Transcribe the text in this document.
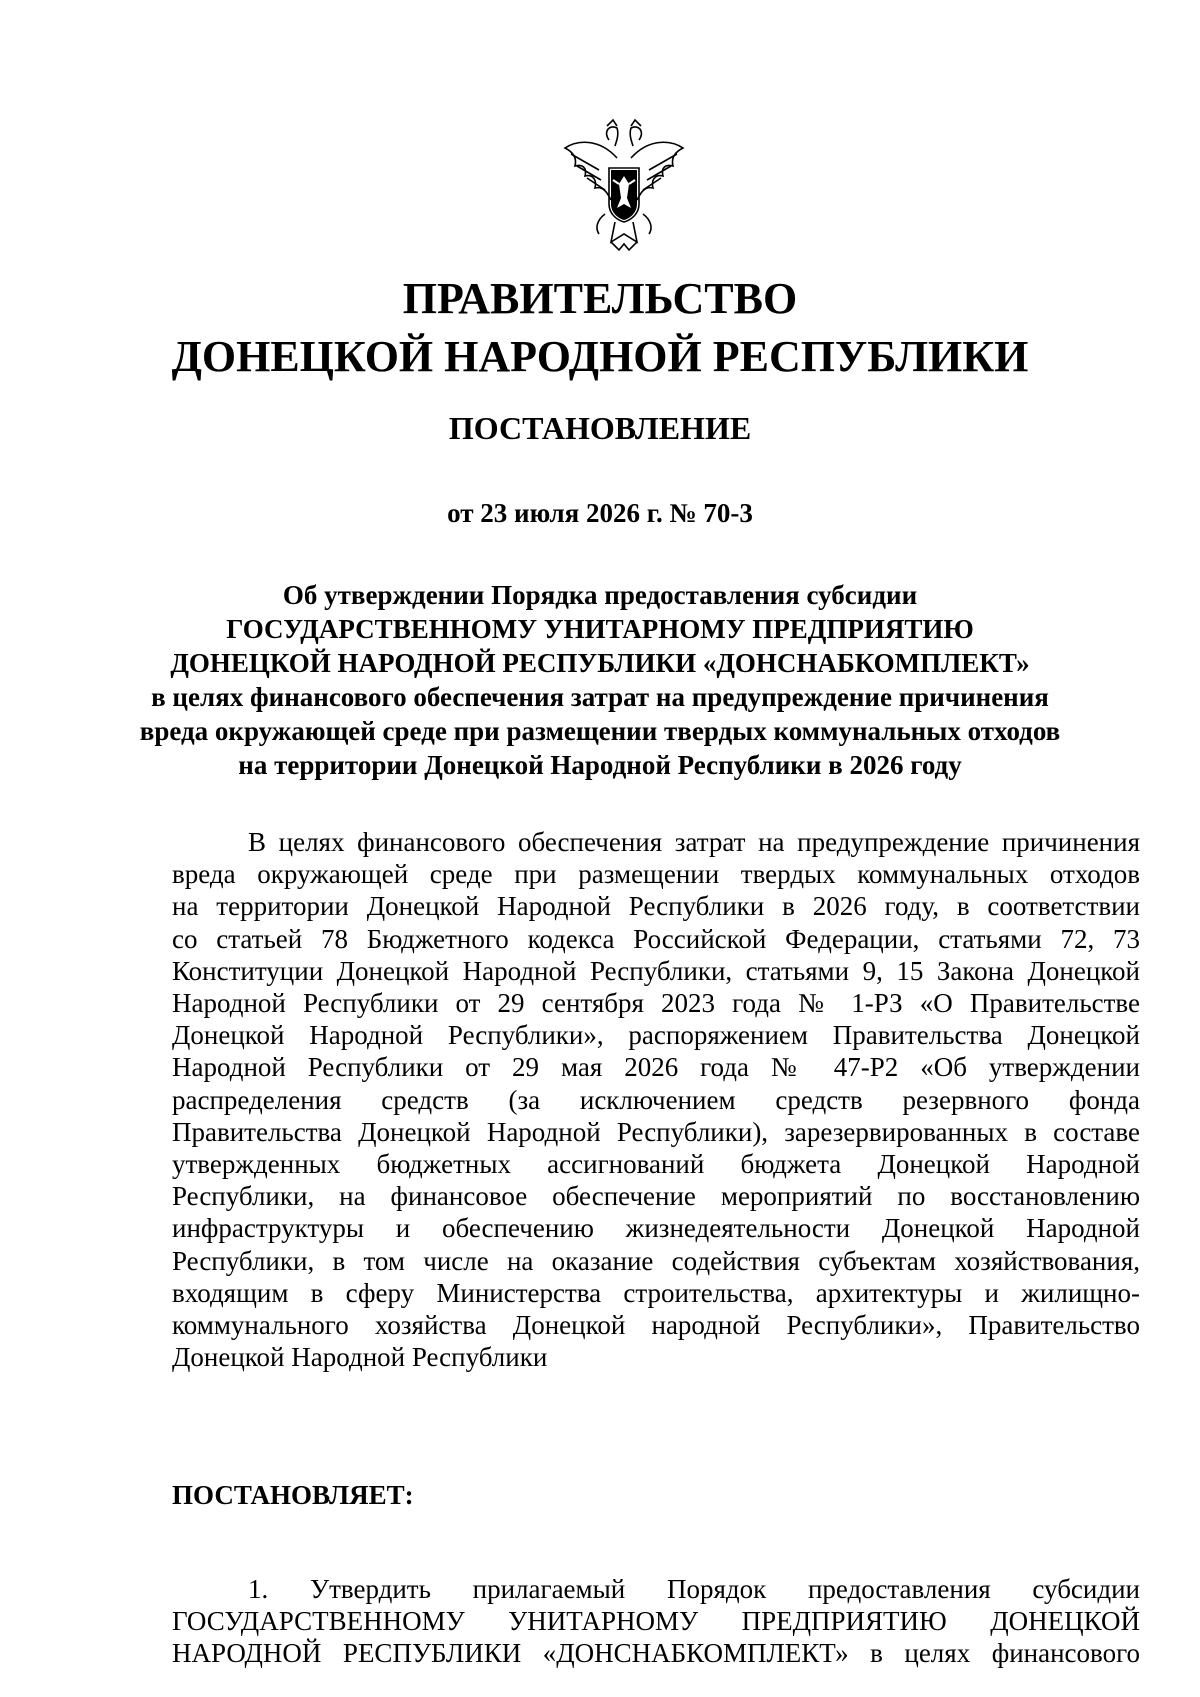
ПРАВИТЕЛЬСТВО
ДОНЕЦКОЙ НАРОДНОЙ РЕСПУБЛИКИ
ПОСТАНОВЛЕНИЕ
от 23 июля 2026 г. № 70-3
Об утверждении Порядка предоставления субсидии
ГОСУДАРСТВЕННОМУ УНИТАРНОМУ ПРЕДПРИЯТИЮ
ДОНЕЦКОЙ НАРОДНОЙ РЕСПУБЛИКИ «ДОНСНАБКОМПЛЕКТ»
в целях финансового обеспечения затрат на предупреждение причинения
вреда окружающей среде при размещении твердых коммунальных отходов
на территории Донецкой Народной Республики в 2026 году
В целях финансового обеспечения затрат на предупреждение причинения
вреда окружающей среде при размещении твердых коммунальных отходов
на территории Донецкой Народной Республики в 2026 году, в соответствии
со статьей 78 Бюджетного кодекса Российской Федерации, статьями 72, 73
Конституции Донецкой Народной Республики, статьями 9, 15 Закона Донецкой
Народной Республики от 29 сентября 2023 года № 1-РЗ «О Правительстве
Донецкой Народной Республики», распоряжением Правительства Донецкой
Народной Республики от 29 мая 2026 года № 47-Р2 «Об утверждении
распределения средств (за исключением средств резервного фонда
Правительства Донецкой Народной Республики), зарезервированных в составе
утвержденных бюджетных ассигнований бюджета Донецкой Народной
Республики, на финансовое обеспечение мероприятий по восстановлению
инфраструктуры и обеспечению жизнедеятельности Донецкой Народной
Республики, в том числе на оказание содействия субъектам хозяйствования,
входящим в сферу Министерства строительства, архитектуры и жилищно-
коммунального хозяйства Донецкой народной Республики», Правительство
Донецкой Народной Республики
ПОСТАНОВЛЯЕТ:
1. Утвердить прилагаемый Порядок предоставления субсидии
ГОСУДАРСТВЕННОМУ УНИТАРНОМУ ПРЕДПРИЯТИЮ ДОНЕЦКОЙ
НАРОДНОЙ РЕСПУБЛИКИ «ДОНСНАБКОМПЛЕКТ» в целях финансового
